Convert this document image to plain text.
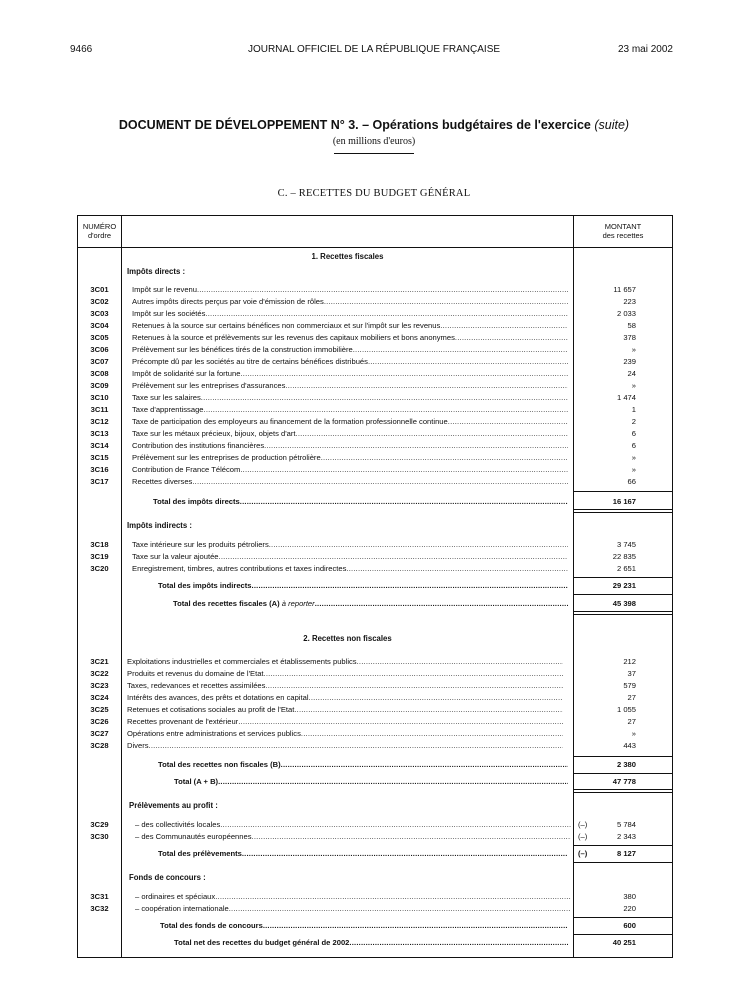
9466	JOURNAL OFFICIEL DE LA RÉPUBLIQUE FRANÇAISE	23 mai 2002
DOCUMENT DE DÉVELOPPEMENT N° 3. – Opérations budgétaires de l'exercice (suite)
(en millions d'euros)
C. – RECETTES DU BUDGET GÉNÉRAL
NUMÉRO
d'ordre
MONTANT
des recettes
1. Recettes fiscales
Impôts directs :
3C01	Impôt sur le revenu .....	11 657
3C02	Autres impôts directs perçus par voie d'émission de rôles .....	223
3C03	Impôt sur les sociétés .....	2 033
3C04	Retenues à la source sur certains bénéfices non commerciaux et sur l'impôt sur les revenus .....	58
3C05	Retenues à la source et prélèvements sur les revenus des capitaux mobiliers et bons anonymes .....	378
3C06	Prélèvement sur les bénéfices tirés de la construction immobilière .....	»
3C07	Précompte dû par les sociétés au titre de certains bénéfices distribués .....	239
3C08	Impôt de solidarité sur la fortune .....	24
3C09	Prélèvement sur les entreprises d'assurances .....	»
3C10	Taxe sur les salaires .....	1 474
3C11	Taxe d'apprentissage .....	1
3C12	Taxe de participation des employeurs au financement de la formation professionnelle continue .....	2
3C13	Taxe sur les métaux précieux, bijoux, objets d'art .....	6
3C14	Contribution des institutions financières .....	6
3C15	Prélèvement sur les entreprises de production pétrolière .....	»
3C16	Contribution de France Télécom .....	»
3C17	Recettes diverses .....	66
Total des impôts directs .....	16 167
Impôts indirects :
3C18	Taxe intérieure sur les produits pétroliers .....	3 745
3C19	Taxe sur la valeur ajoutée .....	22 835
3C20	Enregistrement, timbres, autres contributions et taxes indirectes .....	2 651
Total des impôts indirects .....	29 231
Total des recettes fiscales (A) à reporter .....	45 398
2. Recettes non fiscales
3C21	Exploitations industrielles et commerciales et établissements publics .....	212
3C22	Produits et revenus du domaine de l'Etat .....	37
3C23	Taxes, redevances et recettes assimilées .....	579
3C24	Intérêts des avances, des prêts et dotations en capital .....	27
3C25	Retenues et cotisations sociales au profit de l'Etat .....	1 055
3C26	Recettes provenant de l'extérieur .....	27
3C27	Opérations entre administrations et services publics .....	»
3C28	Divers .....	443
Total des recettes non fiscales (B) .....	2 380
Total (A + B) .....	47 778
Prélèvements au profit :
3C29	– des collectivités locales .....	(–)	5 784
3C30	– des Communautés européennes .....	(–)	2 343
Total des prélèvements .....	(–)	8 127
Fonds de concours :
3C31	– ordinaires et spéciaux .....	380
3C32	– coopération internationale .....	220
Total des fonds de concours .....	600
Total net des recettes du budget général de 2002 .....	40 251
